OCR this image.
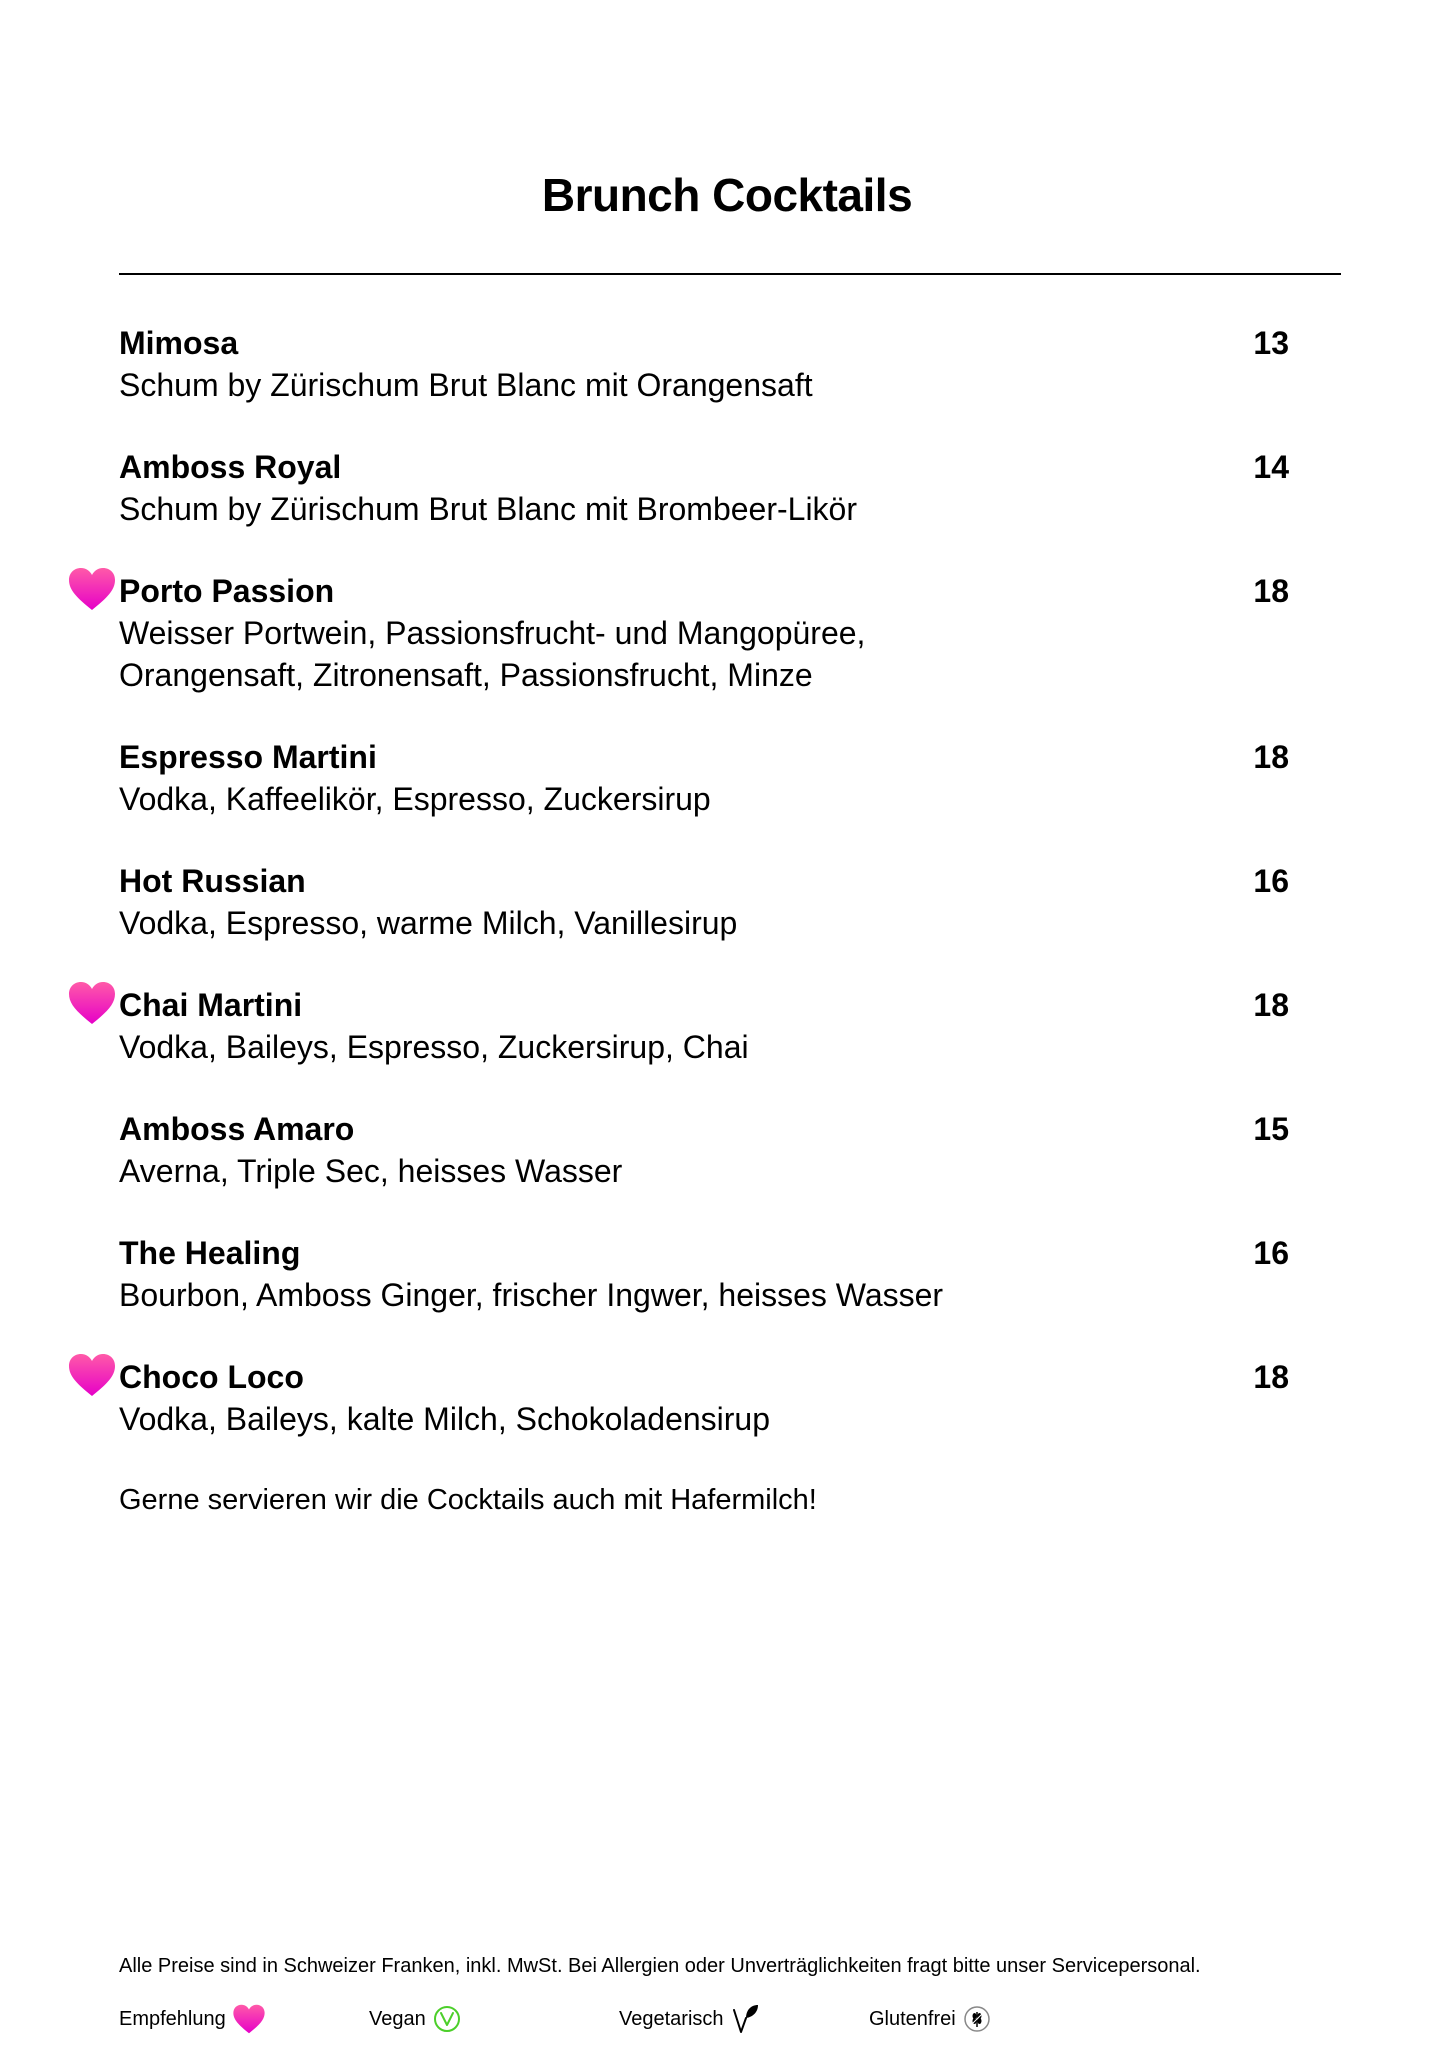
Brunch Cocktails
Mimosa	13
Schum by Zürischum Brut Blanc mit Orangensaft
Amboss Royal	14
Schum by Zürischum Brut Blanc mit Brombeer-Likör
Porto Passion	18
Weisser Portwein, Passionsfrucht- und Mangopüree, Orangensaft, Zitronensaft, Passionsfrucht, Minze
Espresso Martini	18
Vodka, Kaffeelikör, Espresso, Zuckersirup
Hot Russian	16
Vodka, Espresso, warme Milch, Vanillesirup
Chai Martini	18
Vodka, Baileys, Espresso, Zuckersirup, Chai
Amboss Amaro	15
Averna, Triple Sec, heisses Wasser
The Healing	16
Bourbon, Amboss Ginger, frischer Ingwer, heisses Wasser
Choco Loco	18
Vodka, Baileys, kalte Milch, Schokoladensirup
Gerne servieren wir die Cocktails auch mit Hafermilch!
Alle Preise sind in Schweizer Franken, inkl. MwSt. Bei Allergien oder Unverträglichkeiten fragt bitte unser Servicepersonal.
Empfehlung	Vegan	Vegetarisch	Glutenfrei
